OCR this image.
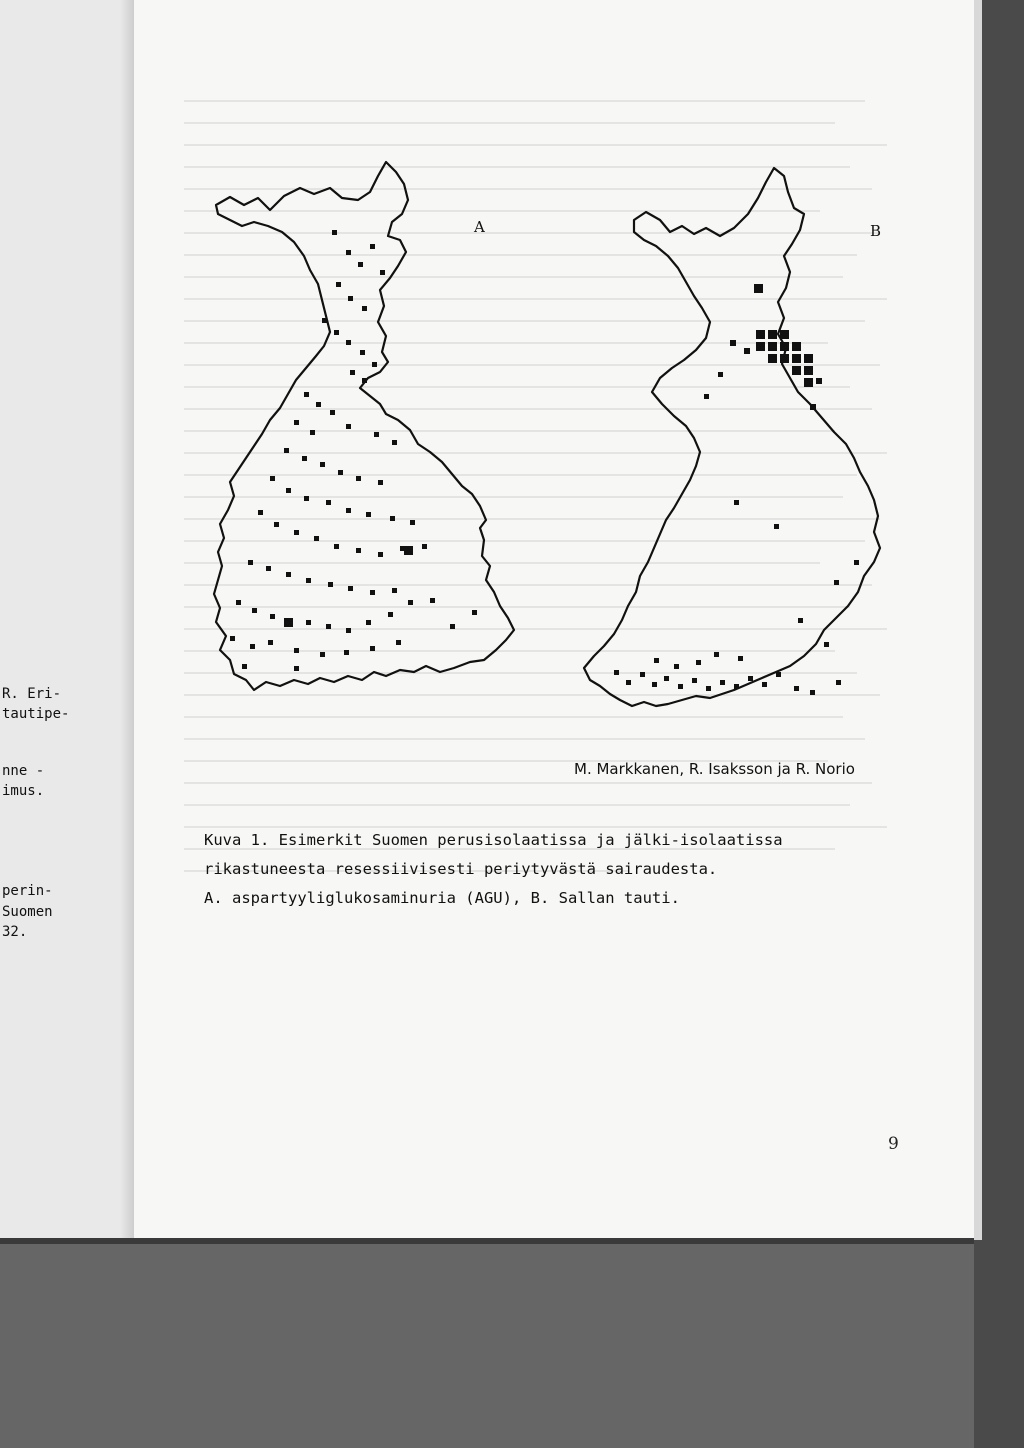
R. Eri-
tautipe-
nne -
imus.
perin-
Suomen
32.
A	B
M. Markkanen, R. Isaksson ja R. Norio
Kuva 1. Esimerkit Suomen perusisolaatissa ja jälki-isolaatissa
rikastuneesta resessiivisesti periytyvästä sairaudesta.
A. aspartyyliglukosaminuria (AGU), B. Sallan tauti.
9
